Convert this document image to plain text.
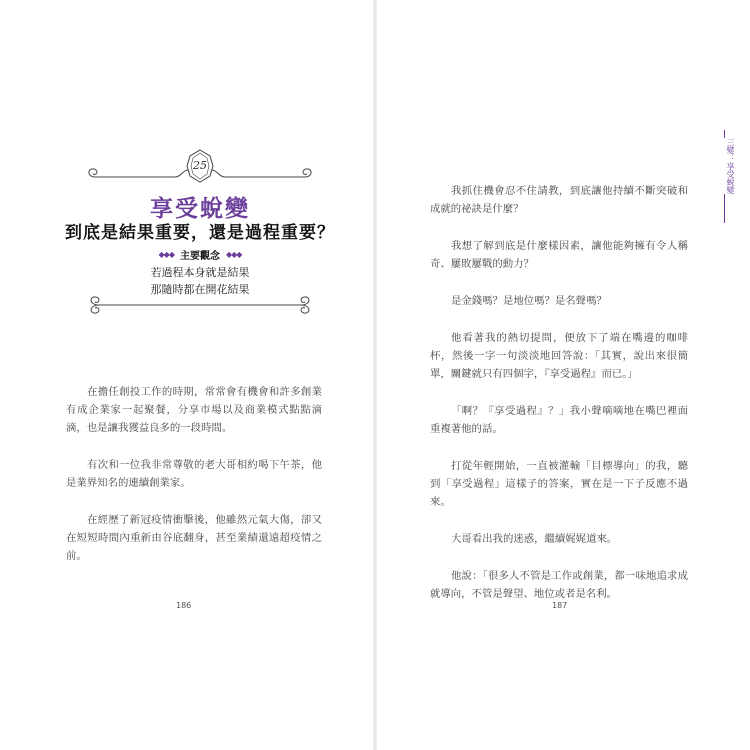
25
享受蛻變
到底是結果重要，還是過程重要？
◆◆◆ 主要觀念 ◆◆◆
若過程本身就是結果
那隨時都在開花結果

在擔任創投工作的時期，常常會有機會和許多創業有成企業家一起聚餐，分享市場以及商業模式點點滴滴，也是讓我獲益良多的一段時間。

有次和一位我非常尊敬的老大哥相約喝下午茶，他是業界知名的連續創業家。

在經歷了新冠疫情衝擊後，他雖然元氣大傷，卻又在短短時間內重新由谷底翻身，甚至業績還遠超疫情之前。

186

我抓住機會忍不住請教，到底讓他持續不斷突破和成就的祕訣是什麼？

我想了解到底是什麼樣因素，讓他能夠擁有令人稱奇、屢敗屢戰的動力？

是金錢嗎？是地位嗎？是名聲嗎？

他看著我的熱切提問，便放下了端在嘴邊的咖啡杯，然後一字一句淡淡地回答說：「其實，說出來很簡單，關鍵就只有四個字，『享受過程』而已。」

「啊？『享受過程』？」我小聲嘀嘀地在嘴巴裡面重複著他的話。

打從年輕開始，一直被灌輸「目標導向」的我，聽到「享受過程」這樣子的答案，實在是一下子反應不過來。

大哥看出我的迷惑，繼續娓娓道來。

他說：「很多人不管是工作或創業，都一味地追求成就導向，不管是聲望、地位或者是名利。

187
三變：享受蛻變
